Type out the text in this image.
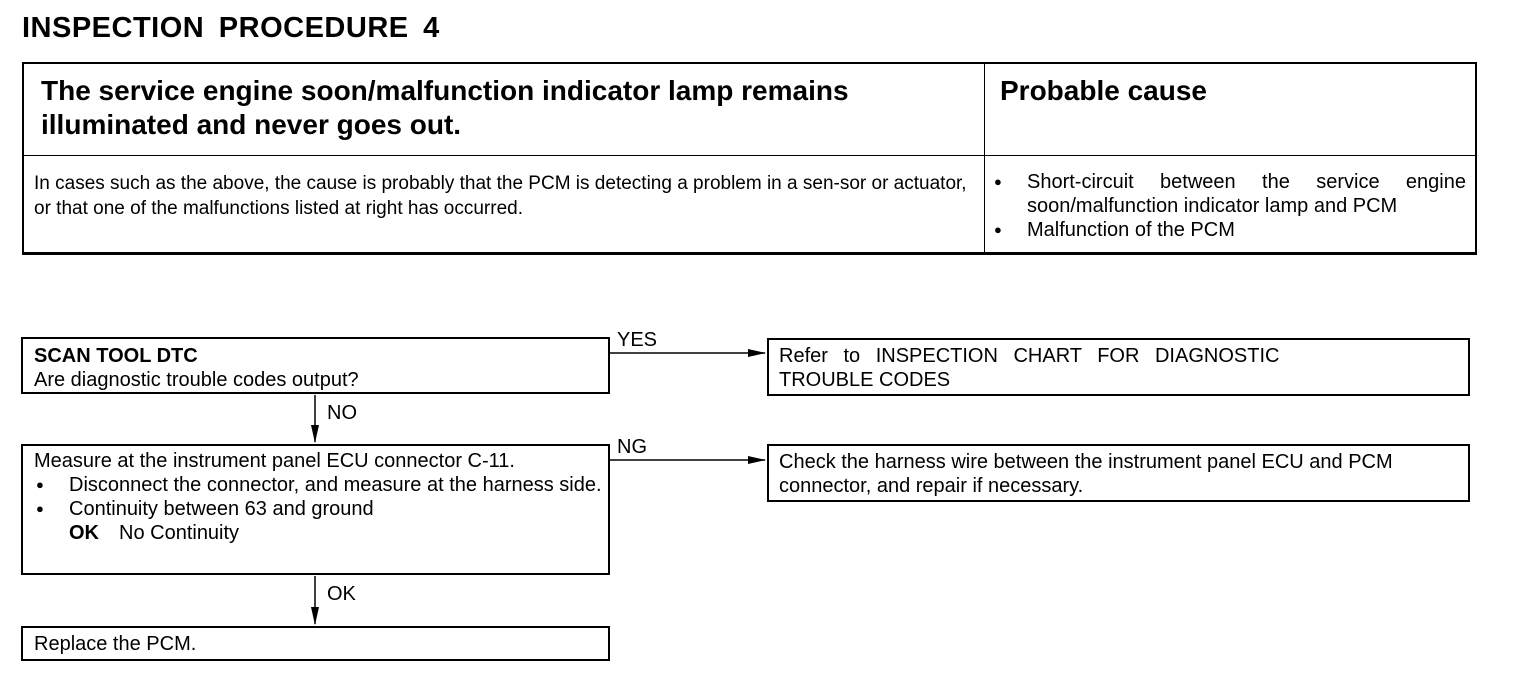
INSPECTION PROCEDURE 4
The service engine soon/malfunction indicator lamp remains illuminated and never goes out.
Probable cause
In cases such as the above, the cause is probably that the PCM is detecting a problem in a sen-sor or actuator, or that one of the malfunctions listed at right has occurred.
● Short-circuit between the service engine soon/malfunction indicator lamp and PCM
● Malfunction of the PCM
SCAN TOOL DTC
Are diagnostic trouble codes output?
YES
Refer to INSPECTION CHART FOR DIAGNOSTIC
TROUBLE CODES
NO
Measure at the instrument panel ECU connector C-11.
● Disconnect the connector, and measure at the harness side.
● Continuity between 63 and ground
OK No Continuity
NG
Check the harness wire between the instrument panel ECU and PCM connector, and repair if necessary.
OK
Replace the PCM.
